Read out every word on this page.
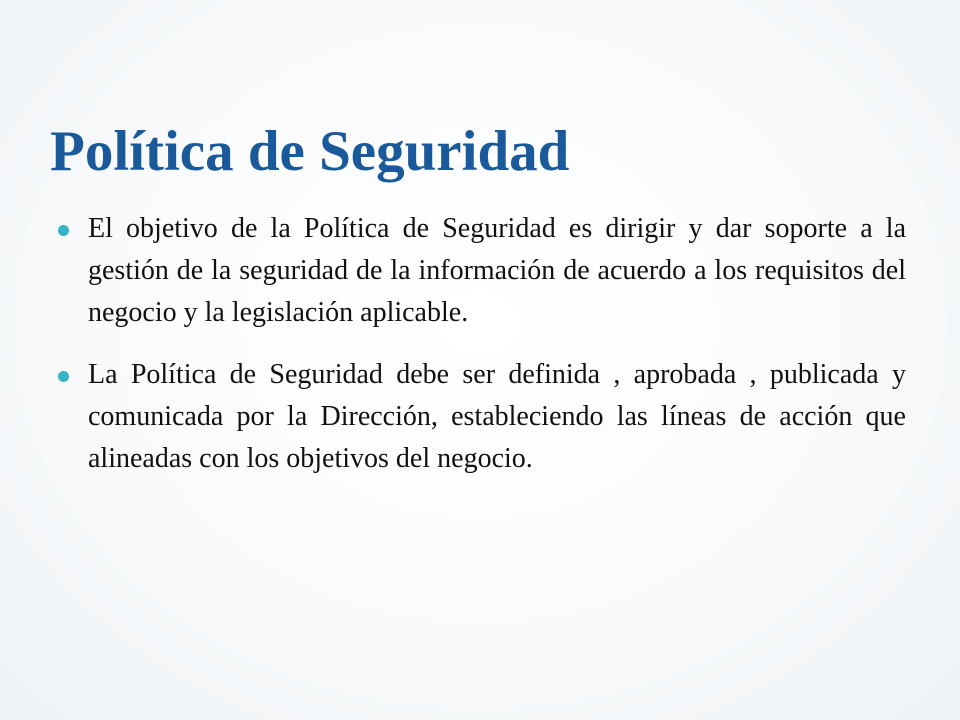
Política de Seguridad
El objetivo de la Política de Seguridad es dirigir y dar soporte a la gestión de la seguridad de la información de acuerdo a los requisitos del negocio y la legislación aplicable.
La Política de Seguridad debe ser definida , aprobada , publicada y comunicada por la Dirección, estableciendo las líneas de acción que alineadas con los objetivos del negocio.
